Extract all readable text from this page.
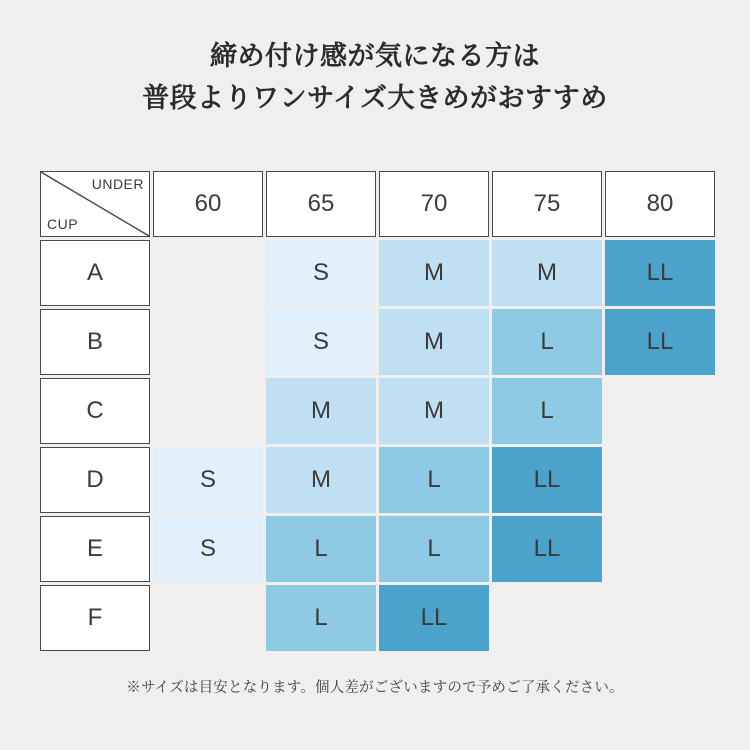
締め付け感が気になる方は
普段よりワンサイズ大きめがおすすめ
UNDER
CUP	60	65	70	75	80
A		S	M	M	LL
B		S	M	L	LL
C		M	M	L	
D	S	M	L	LL	
E	S	L	L	LL	
F		L	LL		
※サイズは目安となります。個人差がございますので予めご了承ください。
